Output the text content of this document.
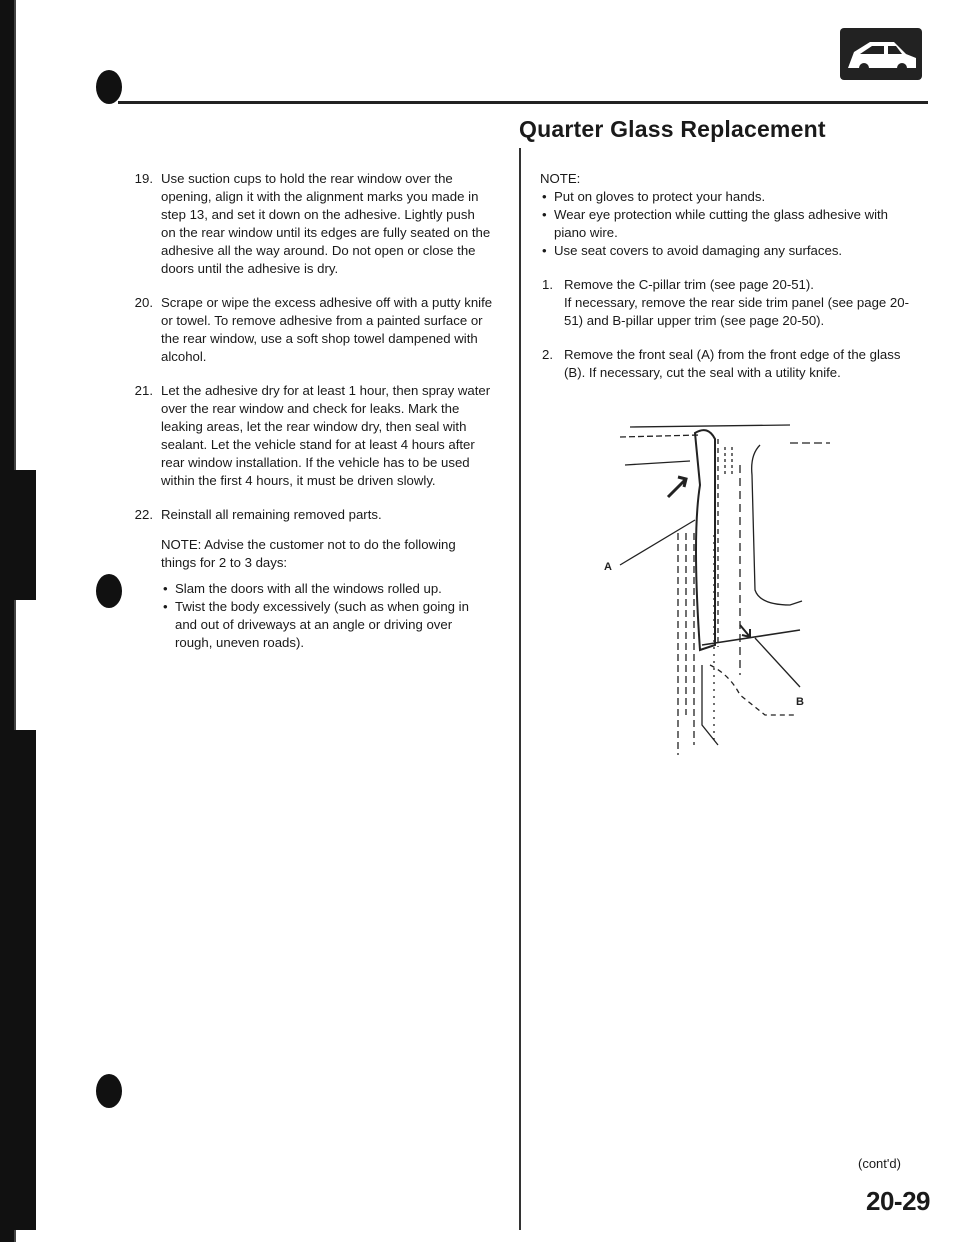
Quarter Glass Replacement
19. Use suction cups to hold the rear window over the opening, align it with the alignment marks you made in step 13, and set it down on the adhesive. Lightly push on the rear window until its edges are fully seated on the adhesive all the way around. Do not open or close the doors until the adhesive is dry.
20. Scrape or wipe the excess adhesive off with a putty knife or towel. To remove adhesive from a painted surface or the rear window, use a soft shop towel dampened with alcohol.
21. Let the adhesive dry for at least 1 hour, then spray water over the rear window and check for leaks. Mark the leaking areas, let the rear window dry, then seal with sealant. Let the vehicle stand for at least 4 hours after rear window installation. If the vehicle has to be used within the first 4 hours, it must be driven slowly.
22. Reinstall all remaining removed parts.
NOTE: Advise the customer not to do the following things for 2 to 3 days:
• Slam the doors with all the windows rolled up.
• Twist the body excessively (such as when going in and out of driveways at an angle or driving over rough, uneven roads).
NOTE:
• Put on gloves to protect your hands.
• Wear eye protection while cutting the glass adhesive with piano wire.
• Use seat covers to avoid damaging any surfaces.
1. Remove the C-pillar trim (see page 20-51).
If necessary, remove the rear side trim panel (see page 20-51) and B-pillar upper trim (see page 20-50).
2. Remove the front seal (A) from the front edge of the glass (B). If necessary, cut the seal with a utility knife.
A
B
(cont'd)
20-29
